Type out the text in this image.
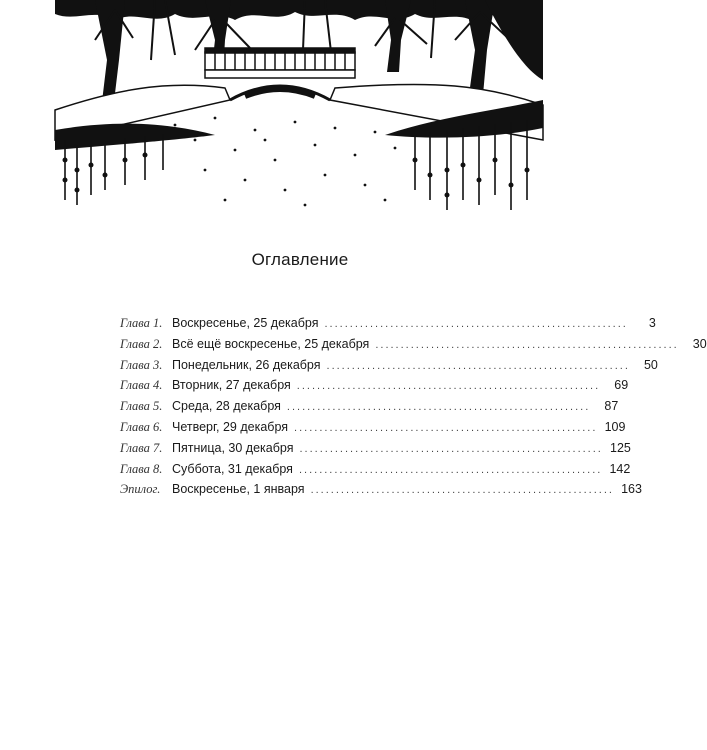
Оглавление
Глава 1. Воскресенье, 25 декабря ............................................................	3
Глава 2. Всё ещё воскресенье, 25 декабря ............................................................	30
Глава 3. Понедельник, 26 декабря ............................................................	50
Глава 4. Вторник, 27 декабря ............................................................	69
Глава 5. Среда, 28 декабря ............................................................	87
Глава 6. Четверг, 29 декабря ............................................................ 109
Глава 7. Пятница, 30 декабря ............................................................ 125
Глава 8. Суббота, 31 декабря ............................................................ 142
Эпилог. Воскресенье, 1 января ............................................................ 163
